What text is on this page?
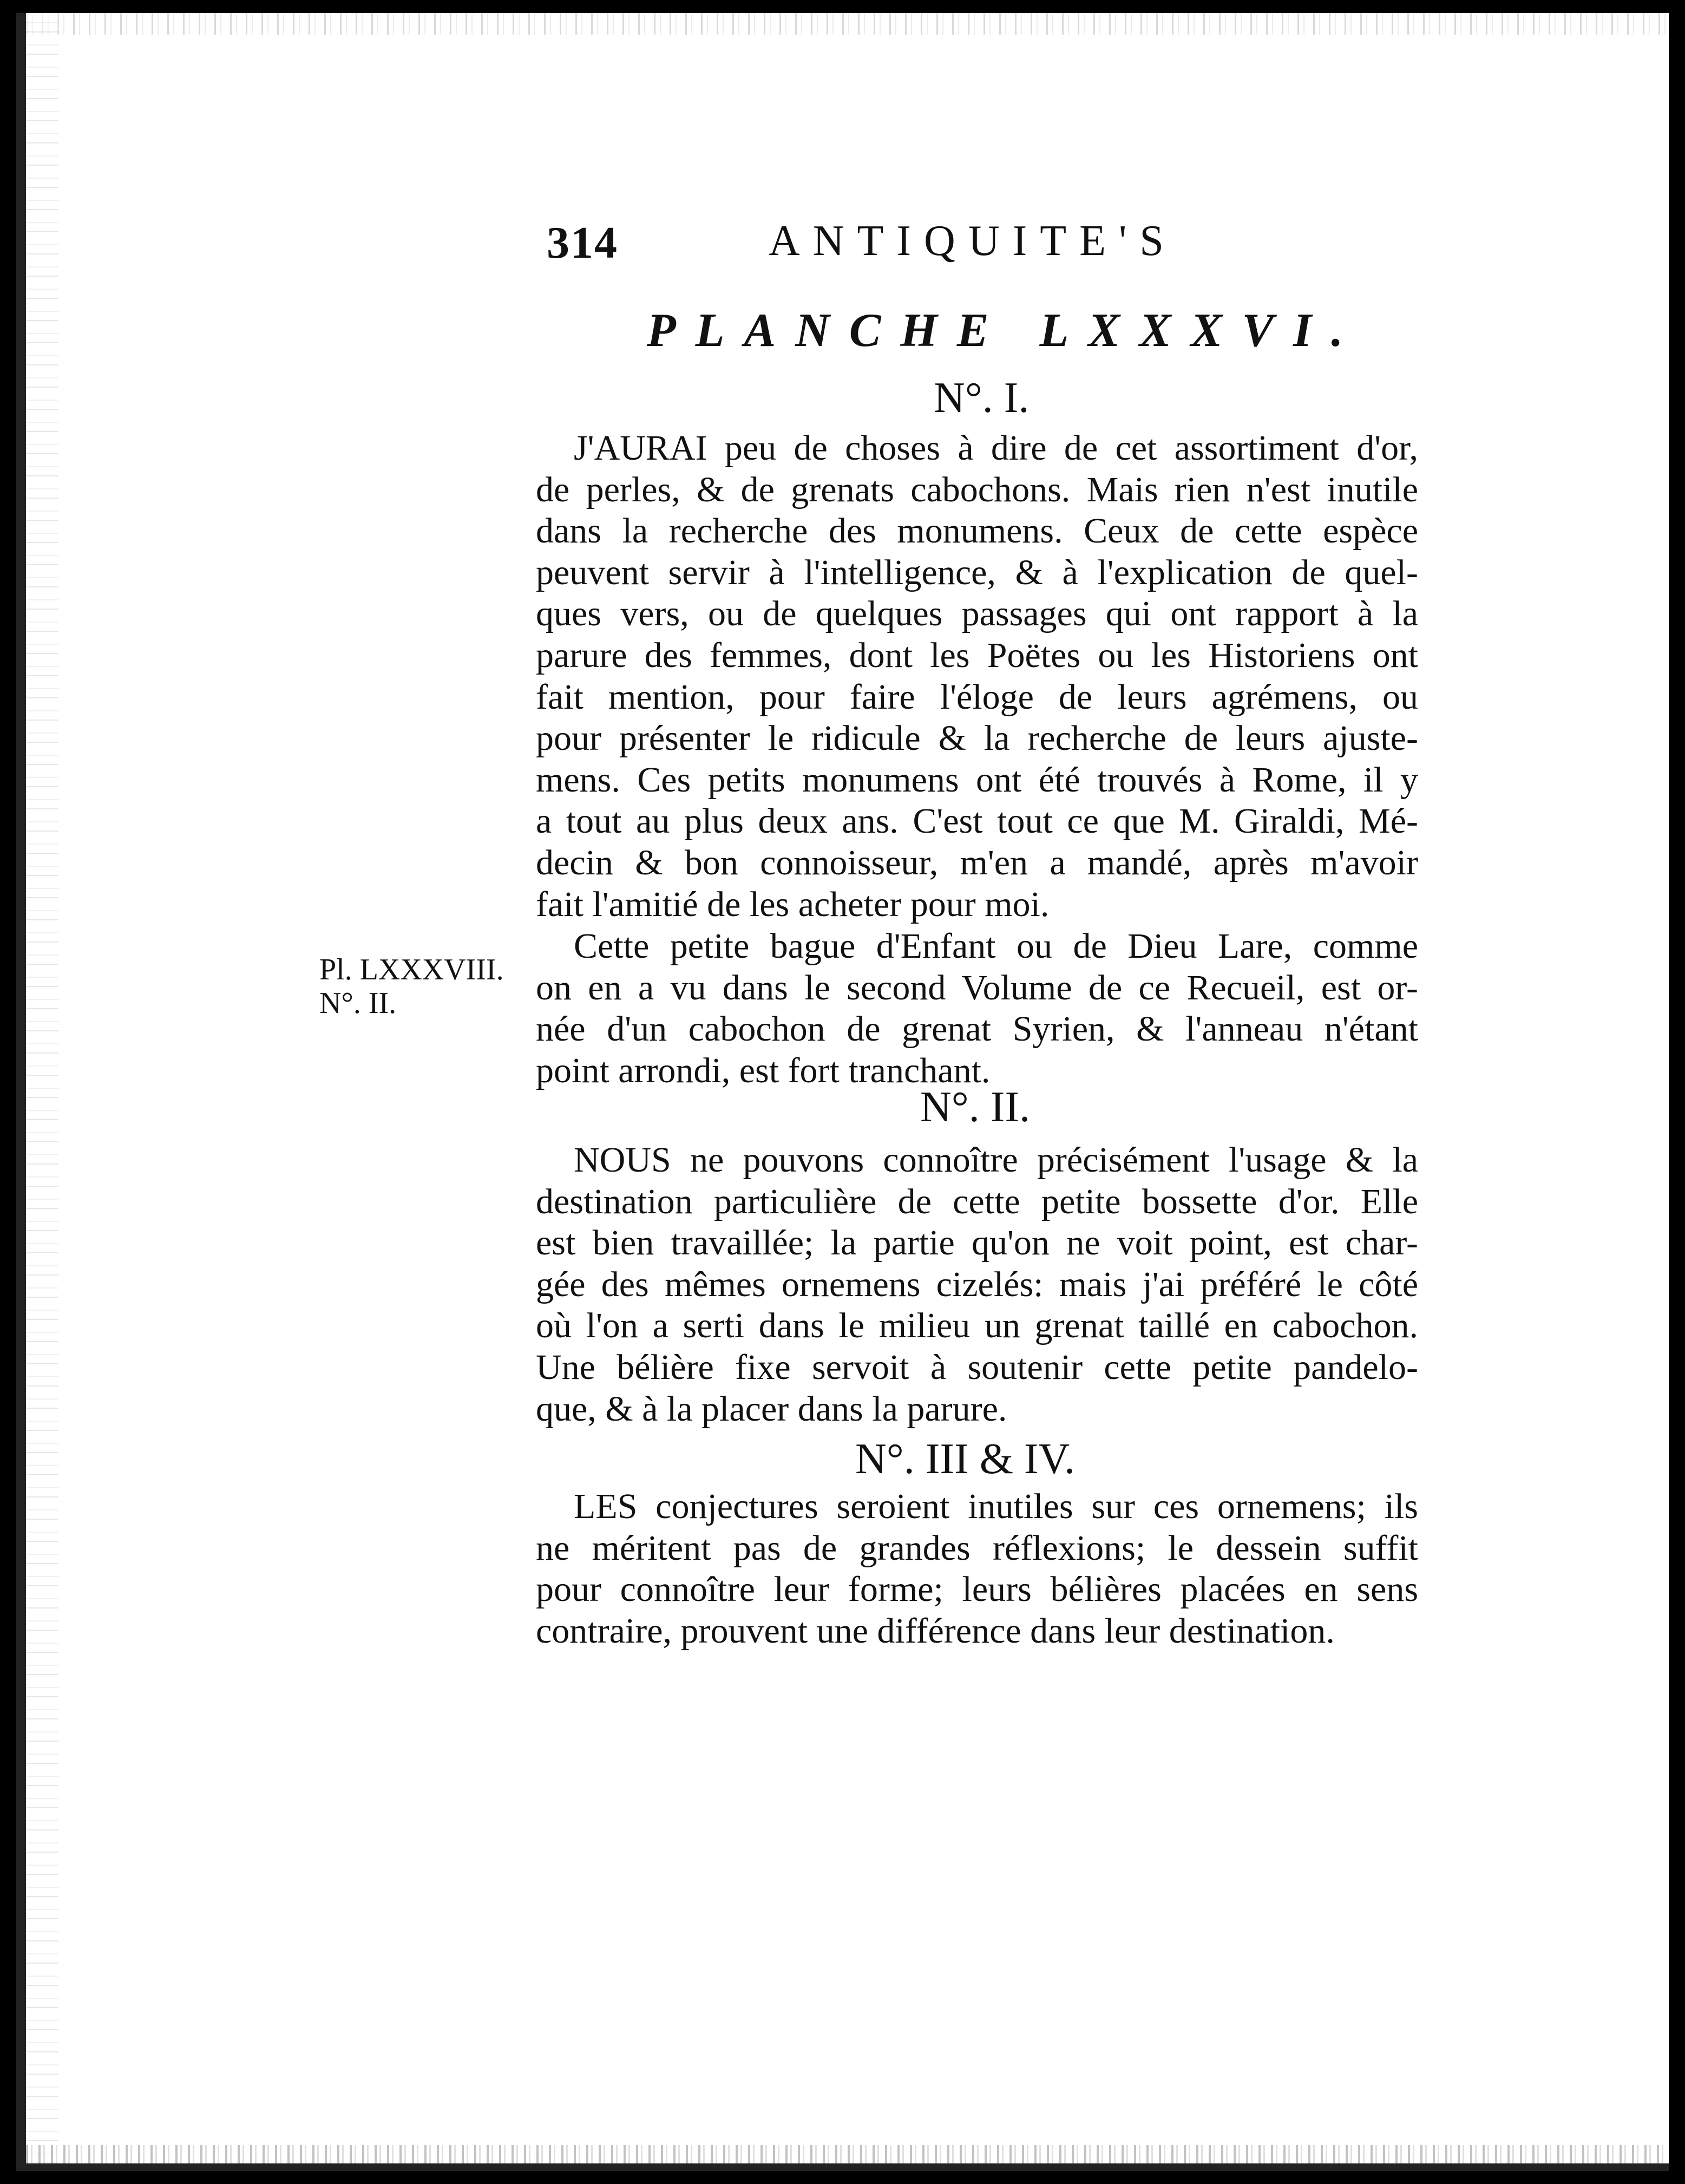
314	ANTIQUITE'S
PLANCHE LXXXVI.
N°. I.
J'AURAI peu de choses à dire de cet assortiment d'or,
de perles, & de grenats cabochons. Mais rien n'est inutile
dans la recherche des monumens. Ceux de cette espèce
peuvent servir à l'intelligence, & à l'explication de quel-
ques vers, ou de quelques passages qui ont rapport à la
parure des femmes, dont les Poëtes ou les Historiens ont
fait mention, pour faire l'éloge de leurs agrémens, ou
pour présenter le ridicule & la recherche de leurs ajuste-
mens. Ces petits monumens ont été trouvés à Rome, il y
a tout au plus deux ans. C'est tout ce que M. Giraldi, Mé-
decin & bon connoisseur, m'en a mandé, après m'avoir
fait l'amitié de les acheter pour moi.
Cette petite bague d'Enfant ou de Dieu Lare, comme
on en a vu dans le second Volume de ce Recueil, est or-
née d'un cabochon de grenat Syrien, & l'anneau n'étant
point arrondi, est fort tranchant.
Pl. LXXXVIII.
N°. II.
N°. II.
NOUS ne pouvons connoître précisément l'usage & la
destination particulière de cette petite bossette d'or. Elle
est bien travaillée; la partie qu'on ne voit point, est char-
gée des mêmes ornemens cizelés: mais j'ai préféré le côté
où l'on a serti dans le milieu un grenat taillé en cabochon.
Une bélière fixe servoit à soutenir cette petite pandelo-
que, & à la placer dans la parure.
N°. III & IV.
LES conjectures seroient inutiles sur ces ornemens; ils
ne méritent pas de grandes réflexions; le dessein suffit
pour connoître leur forme; leurs bélières placées en sens
contraire, prouvent une différence dans leur destination.
